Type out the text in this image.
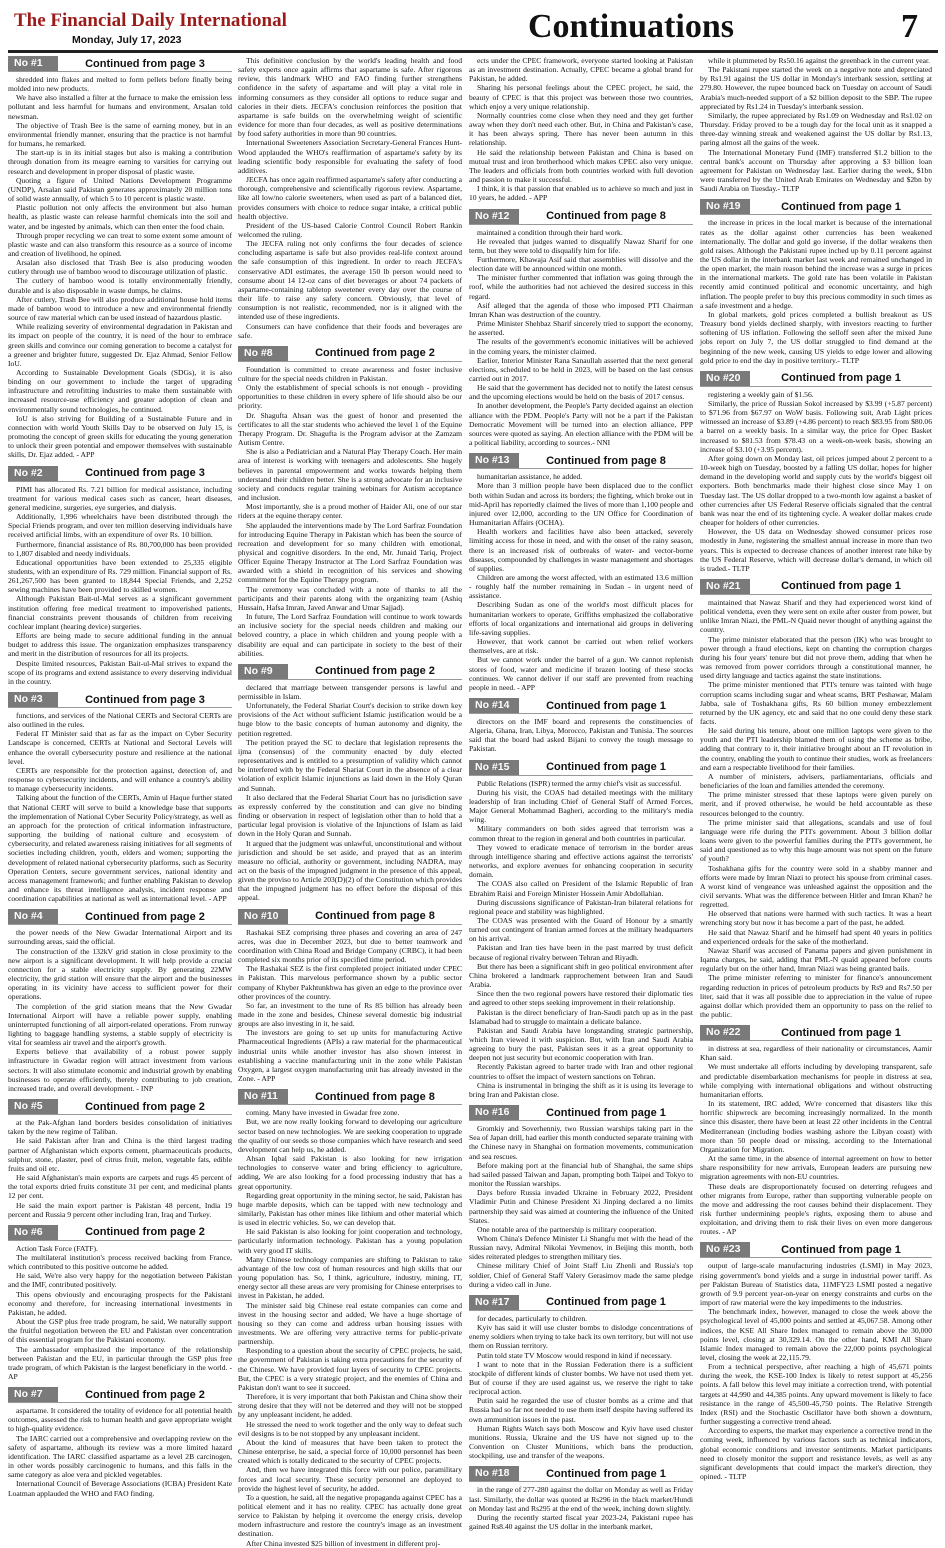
The Financial Daily International
Monday, July 17, 2023	Continuations	7
No #1	Continued from page 3

shredded into flakes and melted to form pellets before finally being molded into new products.

We have also installed a filter at the furnace to make the emission less pollutant and less harmful for humans and environment, Arsalan told newsman.

The objective of Trash Bee is the same of earning money, but in an environmental friendly manner, ensuring that the practice is not harmful for humans, he remarked.

The start-up is in its initial stages but also is making a contribution through donation from its meagre earning to varsities for carrying out research and development in proper disposal of plastic waste.

Quoting a figure of United Nations Development Programme (UNDP), Arsalan said Pakistan generates approximately 20 million tons of solid waste annually, of which 5 to 10 percent is plastic waste.

Plastic pollution not only affects the environment but also human health, as plastic waste can release harmful chemicals into the soil and water, and be ingested by animals, which can then enter the food chain.

Through proper recycling we can treat to some extent some amount of plastic waste and can also transform this resource as a source of income and creation of livelihood, he opined.

Arsalan also disclosed that Trash Bee is also producing wooden cutlery through use of bamboo wood to discourage utilization of plastic.

The cutlery of bamboo wood is totally environmentally friendly, durable and is also disposable in waste dumps, he claims.

After cutlery, Trash Bee will also produce additional house hold items made of bamboo wood to introduce a new and environmental friendly source of raw material which can be used instead of hazardous plastic.

While realizing severity of environmental degradation in Pakistan and its impact on people of the country, it is need of the hour to embrace green skills and convince our coming generation to become a catalyst for a greener and brighter future, suggested Dr. Ejaz Ahmad, Senior Fellow IoU.

According to Sustainable Development Goals (SDGs), it is also binding on our government to include the target of upgrading infrastructure and retrofitting industries to make them sustainable with increased resource-use efficiency and greater adoption of clean and environmentally sound technologies, he continued.

IoU is also striving for Building of a Sustainable Future and in connection with world Youth Skills Day to be observed on July 15, is promoting the concept of green skills for educating the young generation to unlock their green potential and empower themselves with sustainable skills, Dr. Ejaz added. - APP

No #2	Continued from page 3

PIMI has allocated Rs. 7.21 billion for medical assistance, including treatment for various medical cases such as cancer, heart diseases, general medicine, surgeries, eye surgeries, and dialysis.

Additionally, 1,996 wheelchairs have been distributed through the Special Friends program, and over ten million deserving individuals have received artificial limbs, with an expenditure of over Rs. 10 billion.

Furthermore, financial assistance of Rs. 80,700,000 has been provided to 1,807 disabled and needy individuals.

Educational opportunities have been extended to 25,335 eligible students, with an expenditure of Rs. 729 million. Financial support of Rs. 261,267,500 has been granted to 18,844 Special Friends, and 2,252 sewing machines have been provided to skilled women.

Although Pakistan Bait-ul-Mal serves as a significant government institution offering free medical treatment to impoverished patients, financial constraints prevent thousands of children from receiving cochlear implant (hearing device) surgeries.

Efforts are being made to secure additional funding in the annual budget to address this issue. The organization emphasizes transparency and merit in the distribution of resources for all its projects.

Despite limited resources, Pakistan Bait-ul-Mal strives to expand the scope of its programs and extend assistance to every deserving individual in the country.

No #3	Continued from page 3

functions, and services of the National CERTs and Sectoral CERTs are also outlined in the rules.

Federal IT Minister said that as far as the impact on Cyber Security Landscape is concerned, CERTs at National and Sectoral Levels will enhance the overall cybersecurity posture and resilience at the national level.

CERTs are responsible for the protection against, detection of, and response to cybersecurity incidents, and will enhance a country's ability to manage cybersecurity incidents.

Talking about the function of the CERTs, Amin ul Haque further stated that National CERT will serve to build a knowledge base that supports the implementation of National Cyber Security Policy/strategy, as well as an approach for the protection of critical information infrastructure, supporting the building of national culture and ecosystem of cybersecurity, and related awareness raising initiatives for all segments of societies including children, youth, elders and women; supporting the development of related national cybersecurity platforms, such as Security Operation Centers, secure government services, national identity and access management framework; and further enabling Pakistan to develop and enhance its threat intelligence analysis, incident response and coordination capabilities at national as well as international level. - APP

No #4	Continued from page 2

the power needs of the New Gwadar International Airport and its surrounding areas, said the official.

The construction of the 132kV grid station in close proximity to the new airport is a significant development. It will help provide a crucial connection for a stable electricity supply. By generating 22MW electricity, the grid station will ensure that the airport and the businesses operating in its vicinity have access to sufficient power for their operations.

The completion of the grid station means that the New Gwadar International Airport will have a reliable power supply, enabling uninterrupted functioning of all airport-related operations. From runway lighting to baggage handling systems, a stable supply of electricity is vital for seamless air travel and the airport's growth.

Experts believe that availability of a robust power supply infrastructure in Gwadar region will attract investment from various sectors. It will also stimulate economic and industrial growth by enabling businesses to operate efficiently, thereby contributing to job creation, increased trade, and overall development. - INP

No #5	Continued from page 2

at the Pak-Afghan land borders besides consolidation of initiatives taken by the new regime of Taliban.

He said Pakistan after Iran and China is the third largest trading partner of Afghanistan which exports cement, pharmaceuticals products, sulphur, stone, plaster, peel of citrus fruit, melon, vegetable fats, edible fruits and oil etc.

He said Afghanistan's main exports are carpets and rugs 45 percent of the total exports dried fruits constitute 31 per cent, and medicinal plants 12 per cent.

He said the main export partner is Pakistan 48 percent, India 19 percent and Russia 9 percent other including Iran, Iraq and Turkey.

No #6	Continued from page 2

Action Task Force (FATF).

The multilateral institution's process received backing from France, which contributed to this positive outcome he added.

He said, We're also very happy for the negotiation between Pakistan and the IMF, contributed positively.

This opens obviously and encouraging prospects for the Pakistani economy and therefore, for increasing international investments in Pakistan, he added.

About the GSP plus free trade program, he said, We naturally support the fruitful negotiation between the EU and Pakistan over concentration of this essential program for the Pakistani economy.

The ambassador emphasized the importance of the relationship between Pakistan and the EU, in particular through the GSP plus free trade program, of which Pakistan is the largest beneficiary in the world. - AP

No #7	Continued from page 2

aspartame. It considered the totality of evidence for all potential health outcomes, assessed the risk to human health and gave appropriate weight to high-quality evidence.

The IARC carried out a comprehensive and overlapping review on the safety of aspartame, although its review was a more limited hazard identification. The IARC classified aspartame as a level 2B carcinogen, in other words possibly carcinogenic to humans, and this falls in the same category as aloe vera and pickled vegetables.

International Council of Beverage Associations (ICBA) President Kate Loatman applauded the WHO and FAO finding.

This definitive conclusion by the world's leading health and food safety experts once again affirms that aspartame is safe. After rigorous review, this landmark WHO and FAO finding further strengthens confidence in the safety of aspartame and will play a vital role in informing consumers as they consider all options to reduce sugar and calories in their diets. JECFA's conclusion reinforces the position that aspartame is safe builds on the overwhelming weight of scientific evidence for more than four decades, as well as positive determinations by food safety authorities in more than 90 countries.

International Sweeteners Association Secretary-General Frances Hunt-Wood applauded the WHO's reaffirmation of aspartame's safety by its leading scientific body responsible for evaluating the safety of food additives.

JECFA has once again reaffirmed aspartame's safety after conducting a thorough, comprehensive and scientifically rigorous review. Aspartame, like all low/no calorie sweeteners, when used as part of a balanced diet, provides consumers with choice to reduce sugar intake, a critical public health objective.

President of the US-based Calorie Control Council Robert Rankin welcomed the ruling.

The JECFA ruling not only confirms the four decades of science concluding aspartame is safe but also provides real-life context around the safe consumption of this ingredient. In order to reach JECFA's conservative ADI estimates, the average 150 lb person would need to consume about 14 12-oz cans of diet beverages or about 74 packets of aspartame-containing tabletop sweetener every day over the course of their life to raise any safety concern. Obviously, that level of consumption is not realistic, recommended, nor is it aligned with the intended use of these ingredients.

Consumers can have confidence that their foods and beverages are safe.

No #8	Continued from page 2

Foundation is committed to create awareness and foster inclusive culture for the special needs children in Pakistan.

Only the establishment of special schools is not enough - providing opportunities to these children in every sphere of life should also be our priority.

Dr. Shagufta Ahsan was the guest of honor and presented the certificates to all the star students who achieved the level 1 of the Equine Therapy Program. Dr. Shagufta is the Program advisor at the Zamzam Autism Centre.

She is also a Pediatrician and a Natural Play Therapy Coach. Her main area of interest is working with teenagers and adolescents. She hugely believes in parental empowerment and works towards helping them understand their children better. She is a strong advocate for an inclusive society and conducts regular training webinars for Autism acceptance and inclusion.

Most importantly, she is a proud mother of Haider Ali, one of our star riders at the equine therapy center.

She applauded the interventions made by The Lord Sarfraz Foundation for introducing Equine Therapy in Pakistan which has been the source of recreation and development for so many children with emotional, physical and cognitive disorders. In the end, Mr. Junaid Tariq, Project Officer Equine Therapy Instructor at The Lord Sarfraz Foundation was awarded with a shield in recognition of his services and showing commitment for the Equine Therapy program.

The ceremony was concluded with a note of thanks to all the participants and their parents along with the organizing team (Ashiq Hussain, Hafsa Imran, Javed Anwar and Umar Sajjad).

In future, The Lord Sarfraz Foundation will continue to work towards an inclusive society for the special needs children and making our beloved country, a place in which children and young people with a disability are equal and can participate in society to the best of their abilities.

No #9	Continued from page 2

declared that marriage between transgender persons is lawful and permissible in Islam.

Unfortunately, the Federal Shariat Court's decision to strike down key provisions of the Act without sufficient Islamic justification would be a huge blow to the basic concepts of human autonomy and dignity, the petition regretted.

The petition prayed the SC to declare that legislation represents the ijma (consensus) of the community enacted by duly elected representatives and is entitled to a presumption of validity which cannot be interfered with by the Federal Shariat Court in the absence of a clear violation of explicit Islamic injunctions as laid down in the Holy Quran and Sunnah.

It also declared that the Federal Shariat Court has no jurisdiction save as expressly conferred by the constitution and can give no binding finding or observation in respect of legislation other than to hold that a particular legal provision is violative of the Injunctions of Islam as laid down in the Holy Quran and Sunnah.

It argued that the judgment was unlawful, unconstitutional and without jurisdiction and should be set aside, and prayed that as an interim measure no official, authority or government, including NADRA, may act on the basis of the impugned judgment in the presence of this appeal, given the proviso to Article 203(D)(2) of the Constitution which provides that the impugned judgment has no effect before the disposal of this appeal.

No #10	Continued from page 8

Rashakai SEZ comprising three phases and covering an area of 247 acres, was due in December 2023, but due to better teamwork and coordination with China Road and Bridge Company (CRBC), it had been completed six months prior of its specified time period.

The Rashakai SEZ is the first completed project initiated under CPEC in Pakistan. This marvelous performance shown by a public sector company of Khyber Pakhtunkhwa has given an edge to the province over other provinces of the country.

So far, an investment to the tune of Rs 85 billion has already been made in the zone and besides, Chinese several domestic big industrial groups are also investing in it, he said.

The investors are going to set up units for manufacturing Active Pharmaceutical Ingredients (APIs) a raw material for the pharmaceutical industrial units while another investor has also shown interest in establishing a vaccine manufacturing unit in the zone while Pakistan Oxygen, a largest oxygen manufacturing unit has already invested in the Zone. - APP

No #11	Continued from page 8

coming. Many have invested in Gwadar free zone.

But, we are now really looking forward to developing our agriculture sector based on new technologies. We are seeking cooperation to upgrade the quality of our seeds so those companies which have research and seed development can help us, he added.

Ahsan Iqbal said Pakistan is also looking for new irrigation technologies to conserve water and bring efficiency to agriculture, adding, We are also looking for a food processing industry that has a great opportunity.

Regarding great opportunity in the mining sector, he said, Pakistan has huge marble deposits, which can be tapped with new technology and similarly, Pakistan has other mines like lithium and other material which is used in electric vehicles. So, we can develop that.

He said Pakistan is also looking for joint cooperation and technology, particularly information technology. Pakistan has a young population with very good IT skills.

Many Chinese technology companies are shifting to Pakistan to take advantage of the low cost of human resources and high skills that our young population has. So, I think, agriculture, industry, mining, IT, energy sector all these areas are very promising for Chinese enterprises to invest in Pakistan, he added.

The minister said big Chinese real estate companies can come and invest in the housing sector and added, We have a huge shortage of housing so they can come and address urban housing issues with investments. We are offering very attractive terms for public-private partnership.

Responding to a question about the security of CPEC projects, he said, the government of Pakistan is taking extra precautions for the security of the Chinese. We have provided four layers of security to CPEC projects. But, the CPEC is a very strategic project, and the enemies of China and Pakistan don't want to see it succeed.

Therefore, it is very important that both Pakistan and China show their strong desire that they will not be deterred and they will not be stopped by any unpleasant incident, he added.

He stressed the need to work together and the only way to defeat such evil designs is to be not stopped by any unpleasant incident.

About the kind of measures that have been taken to protect the Chinese enterprise, he said, a special force of 10,000 personnel has been created which is totally dedicated to the security of CPEC projects.

And, then we have integrated this force with our police, paramilitary forces and local security. These security personnel are deployed to provide the highest level of security, he added.

To a question, he said, all the negative propaganda against CPEC has a political element and it has no reality. CPEC has actually done great service to Pakistan by helping it overcome the energy crisis, develop modern infrastructure and restore the country's image as an investment destination.

After China invested $25 billion of investment in different proj-

ects under the CPEC framework, everyone started looking at Pakistan as an investment destination. Actually, CPEC became a global brand for Pakistan, he added.

Sharing his personal feelings about the CPEC project, he said, the beauty of CPEC is that this project was between those two countries, which enjoy a very unique relationship.

Normally countries come close when they need and they get further away when they don't need each other. But, in China and Pakistan's case, it has been always spring. There has never been autumn in this relationship.

He said the relationship between Pakistan and China is based on mutual trust and iron brotherhood which makes CPEC also very unique. The leaders and officials from both countries worked with full devotion and passion to make it successful.

I think, it is that passion that enabled us to achieve so much and just in 10 years, he added. - APP

No #12	Continued from page 8

maintained a condition through their hard work.

He revealed that judges wanted to disqualify Nawaz Sharif for one term, but they were told to disqualify him for life.

Furthermore, Khawaja Asif said that assemblies will dissolve and the election date will be announced within one month.

The minister further commented that inflation was going through the roof, while the authorities had not achieved the desired success in this regard.

Asif alleged that the agenda of those who imposed PTI Chairman Imran Khan was destruction of the country.

Prime Minister Shehbaz Sharif sincerely tried to support the economy, he asserted.

The results of the government's economic initiatives will be achieved in the coming years, the minister claimed.

Earlier, Interior Minister Rana Sanaullah asserted that the next general elections, scheduled to be held in 2023, will be based on the last census carried out in 2017.

He said that the government has decided not to notify the latest census and the upcoming elections would be held on the basis of 2017 census.

In another development, the People's Party decided against an election alliance with the PDM. People's Party will not be a part if the Pakistan Democratic Movement will be turned into an election alliance, PPP sources were quoted as saying. An election alliance with the PDM will be a political liability, according to sources.- NNI

No #13	Continued from page 8

humanitarian assistance, he added.

More than 3 million people have been displaced due to the conflict both within Sudan and across its borders; the fighting, which broke out in mid-April has reportedly claimed the lives of more than 1,100 people and injured over 12,000, according to the UN Office for Coordination of Humanitarian Affairs (OCHA).

Health workers and facilities have also been attacked, severely limiting access for those in need, and with the onset of the rainy season, there is an increased risk of outbreaks of water- and vector-borne diseases, compounded by challenges in waste management and shortages of supplies.

Children are among the worst affected, with an estimated 13.6 million - roughly half the number remaining in Sudan - in urgent need of assistance.

Describing Sudan as one of the world's most difficult places for humanitarian workers to operate, Griffiths emphasized the collaborative efforts of local organizations and international aid groups in delivering life-saving supplies.

However, that work cannot be carried out when relief workers themselves, are at risk.

But we cannot work under the barrel of a gun. We cannot replenish stores of food, water and medicine if brazen looting of these stocks continues. We cannot deliver if our staff are prevented from reaching people in need. - APP

No #14	Continued from page 1

directors on the IMF board and represents the constituencies of Algeria, Ghana, Iran, Libya, Morocco, Pakistan and Tunisia. The sources said that the board had asked Bijani to convey the tough message to Pakistan.

No #15	Continued from page 1

Public Relations (ISPR) termed the army chief's visit as successful.

During his visit, the COAS had detailed meetings with the military leadership of Iran including Chief of General Staff of Armed Forces, Major General Mohammad Bagheri, according to the military's media wing.

Military commanders on both sides agreed that terrorism was a common threat to the region in general and both countries in particular.

They vowed to eradicate menace of terrorism in the border areas through intelligence sharing and effective actions against the terrorists' networks, and explore avenues for enhancing cooperation in security domain.

The COAS also called on President of the Islamic Republic of Iran Ebrahim Raisi and Foreign Minister Hossein Amir Abdollahian.

During discussions significance of Pakistan-Iran bilateral relations for regional peace and stability was highlighted.

The COAS was presented with the Guard of Honour by a smartly turned out contingent of Iranian armed forces at the military headquarters on his arrival.

Pakistan and Iran ties have been in the past marred by trust deficit because of regional rivalry between Tehran and Riyadh.

But there has been a significant shift in geo political environment after China brokered a landmark rapprochement between Iran and Saudi Arabia.

Since then the two regional powers have restored their diplomatic ties and agreed to other steps seeking improvement in their relationship.

Pakistan is the direct beneficiary of Iran-Saudi patch up as in the past Islamabad had to struggle to maintain a delicate balance.

Pakistan and Saudi Arabia have longstanding strategic partnership, which Iran viewed it with suspicion. But, with Iran and Saudi Arabia agreeing to bury the past, Pakistan sees it as a great opportunity to deepen not just security but economic cooperation with Iran.

Recently Pakistan agreed to barter trade with Iran and other regional countries to offset the impact of western sanctions on Tehran.

China is instrumental in bringing the shift as it is using its leverage to bring Iran and Pakistan close.

No #16	Continued from page 1

Gromkiy and Soverhenniy, two Russian warships taking part in the Sea of Japan drill, had earlier this month conducted separate training with the Chinese navy in Shanghai on formation movements, communication and sea rescues.

Before making port at the financial hub of Shanghai, the same ships had sailed passed Taiwan and Japan, prompting both Taipei and Tokyo to monitor the Russian warships.

Days before Russia invaded Ukraine in February 2022, President Vladimir Putin and Chinese President Xi Jinping declared a no limits partnership they said was aimed at countering the influence of the United States.

One notable area of the partnership is military cooperation.

Whom China's Defence Minister Li Shangfu met with the head of the Russian navy, Admiral Nikolai Yevmenov, in Beijing this month, both sides reiterated pledges to strengthen military ties.

Chinese military Chief of Joint Staff Liu Zhenli and Russia's top soldier, Chief of General Staff Valery Gerasimov made the same pledge during a video call in June.

No #17	Continued from page 1

for decades, particularly to children.

Kyiv has said it will use cluster bombs to dislodge concentrations of enemy soldiers when trying to take back its own territory, but will not use them on Russian territory.

Putin told state TV Moscow would respond in kind if necessary.

I want to note that in the Russian Federation there is a sufficient stockpile of different kinds of cluster bombs. We have not used them yet. But of course if they are used against us, we reserve the right to take reciprocal action.

Putin said he regarded the use of cluster bombs as a crime and that Russia had so far not needed to use them itself despite having suffered its own ammunition issues in the past.

Human Rights Watch says both Moscow and Kyiv have used cluster munitions. Russia, Ukraine and the US have not signed up to the Convention on Cluster Munitions, which bans the production, stockpiling, use and transfer of the weapons.

No #18	Continued from page 1

in the range of 277-280 against the dollar on Monday as well as Friday last. Similarly, the dollar was quoted at Rs296 in the black market/Hundi on Monday last and Rs295 at the end of the week, inching down slightly.

During the recently started fiscal year 2023-24, Pakistani rupee has gained Rs8.40 against the US dollar in the interbank market,

while it plummeted by Rs50.16 against the greenback in the current year.

The Pakistani rupee started the week on a negative note and depreciated by Rs1.91 against the US dollar in Monday's interbank session, settling at 279.80. However, the rupee bounced back on Tuesday on account of Saudi Arabia's much-needed support of a $2 billion deposit to the SBP. The rupee appreciated by Rs1.24 in Tuesday's interbank session.

Similarly, the rupee appreciated by Rs1.09 on Wednesday and Rs1.02 on Thursday. Friday proved to be a tough day for the local unit as it snapped a three-day winning streak and weakened against the US dollar by Rs1.13, paring almost all the gains of the week.

The International Monetary Fund (IMF) transferred $1.2 billion to the central bank's account on Thursday after approving a $3 billion loan agreement for Pakistan on Wednesday last. Earlier during the week, $1bn were transferred by the United Arab Emirates on Wednesday and $2bn by Saudi Arabia on Tuesday.- TLTP

No #19	Continued from page 1

the increase in prices in the local market is because of the international rates as the dollar against other currencies has been weakened internationally. The dollar and gold go inverse, if the dollar weakens then gold raises. Although the Pakistani rupee inched up by 0.11 percent against the US dollar in the interbank market last week and remained unchanged in the open market, the main reason behind the increase was a surge in prices in the international markets. The gold rate has been volatile in Pakistan recently amid continued political and economic uncertainty, and high inflation. The people prefer to buy this precious commodity in such times as a safe investment and a hedge.

In global markets, gold prices completed a bullish breakout as US Treasury bond yields declined sharply, with investors reacting to further softening of US inflation. Following the selloff seen after the mixed June jobs report on July 7, the US dollar struggled to find demand at the beginning of the new week, causing US yields to edge lower and allowing gold price to end the day in positive territory.- TLTP

No #20	Continued from page 1

registering a weekly gain of $1.56.

Similarly, the price of Russian Sokol increased by $3.99 (+5.87 percent) to $71.96 from $67.97 on WoW basis. Following suit, Arab Light prices witnessed an increase of $3.89 (+4.86 percent) to reach $83.95 from $80.06 a barrel on a weekly basis. In a similar way, the price for Opec Basket increased to $81.53 from $78.43 on a week-on-week basis, showing an increase of $3.10 (+3.95 percent).

After going down on Monday last, oil prices jumped about 2 percent to a 10-week high on Tuesday, boosted by a falling US dollar, hopes for higher demand in the developing world and supply cuts by the world's biggest oil exporters. Both benchmarks made their highest close since May 1 on Tuesday last. The US dollar dropped to a two-month low against a basket of other currencies after US Federal Reserve officials signaled that the central bank was near the end of its tightening cycle. A weaker dollar makes crude cheaper for holders of other currencies.

However, the US data on Wednesday showed consumer prices rose modestly in June, registering the smallest annual increase in more than two years. This is expected to decrease chances of another interest rate hike by the US Federal Reserve, which will decrease dollar's demand, in which oil is traded.- TLTP

No #21	Continued from page 1

maintained that Nawaz Sharif and they had experienced worst kind of political vendetta, even they were sent on exile after ouster from power, but unlike Imran Niazi, the PML-N Quaid never thought of anything against the country.

The prime minister elaborated that the person (IK) who was brought to power through a fraud elections, kept on chanting the corruption charges during his four years' tenure but did not prove them, adding that when he was removed from power corridors through a constitutional manner, he used dirty language and tactics against the state institutions.

The prime minister mentioned that PTI's tenure was tainted with huge corruption scams including sugar and wheat scams, BRT Peshawar, Malam Jabba, sale of Toshakhana gifts, Rs 60 billion money embezzlement returned by the UK agency, etc and said that no one could deny these stark facts.

He said during his tenure, about one million laptops were given to the youth and the PTI leadership blamed them of using the scheme as bribe, adding that contrary to it, their initiative brought about an IT revolution in the country, enabling the youth to continue their studies, work as freelancers and earn a respectable livelihood for their families.

A number of ministers, advisers, parliamentarians, officials and beneficiaries of the loan and families attended the ceremony.

The prime minister stressed that these laptops were given purely on merit, and if proved otherwise, he would be held accountable as these resources belonged to the country.

The prime minister said that allegations, scandals and use of foul language were rife during the PTI's government. About 3 billion dollar loans were given to the powerful families during the PTI's government, he said and questioned as to why this huge amount was not spent on the future of youth?

Toshakhana gifts for the country were sold in a shabby manner and efforts were made by Imran Niazi to protect his spouse from criminal cases. A worst kind of vengeance was unleashed against the opposition and the civil servants. What was the difference between Hitler and Imran Khan? he regretted.

He observed that nations were harmed with such tactics. It was a heart wrenching story but now it has become a part of the past, he added.

He said that Nawaz Sharif and he himself had spent 40 years in politics and experienced ordeals for the sake of the motherland.

Nawaz Sharif was accused of Panama papers and given punishment in Iqama charges, he said, adding that PML-N quaid appeared before courts regularly but on the other hand, Imran Niazi was being granted bails.

The prime minister referring to minister for finance's announcement regarding reduction in prices of petroleum products by Rs9 and Rs7.50 per liter, said that it was all possible due to appreciation in the value of rupee against dollar which provided them an opportunity to pass on the relief to the public.

No #22	Continued from page 1

in distress at sea, regardless of their nationality or circumstances, Aamir Khan said.

We must undertake all efforts including by developing transparent, safe and predictable disembarkation mechanisms for people in distress at sea, while complying with international obligations and without obstructing humanitarian efforts.

In its statement, IRC added, We're concerned that disasters like this horrific shipwreck are becoming increasingly normalized. In the month since this disaster, there have been at least 22 other incidents in the Central Mediterranean (including bodies washing ashore the Libyan coast) with more than 50 people dead or missing, according to the International Organization for Migration.

At the same time, in the absence of internal agreement on how to better share responsibility for new arrivals, European leaders are pursuing new migration agreements with non-EU countries.

These deals are disproportionately focused on deterring refugees and other migrants from Europe, rather than supporting vulnerable people on the move and addressing the root causes behind their displacement. They risk further undermining people's rights, exposing them to abuse and exploitation, and driving them to risk their lives on even more dangerous routes. - AP

No #23	Continued from page 1

output of large-scale manufacturing industries (LSMI) in May 2023, rising government's bond yields and a surge in industrial power tariff. As per Pakistan Bureau of Statistics data, 11MFY23 LSMI posted a negative growth of 9.9 percent year-on-year on energy constraints and curbs on the import of raw material were the key impediments to the industries.

The benchmark index, however, managed to close the week above the psychological level of 45,000 points and settled at 45,067.58. Among other indices, the KSE All Share Index managed to remain above the 30,000 points level, closing at 30,329.14. On the other hand, KMI All Share Islamic Index managed to remain above the 22,000 points psychological level, closing the week at 22,115.79.

From a technical perspective, after reaching a high of 45,671 points during the week, the KSE-100 Index is likely to retest support at 45,256 points. A fall below this level may initiate a correction trend, with potential targets at 44,990 and 44,385 points. Any upward movement is likely to face resistance in the range of 45,500-45,750 points. The Relative Strength Index (RSI) and the Stochastic Oscillator have both shown a downturn, further suggesting a corrective trend ahead.

According to experts, the market may experience a corrective trend in the coming week, influenced by various factors such as technical indicators, global economic conditions and investor sentiments. Market participants need to closely monitor the support and resistance levels, as well as any significant developments that could impact the market's direction, they opined. - TLTP
